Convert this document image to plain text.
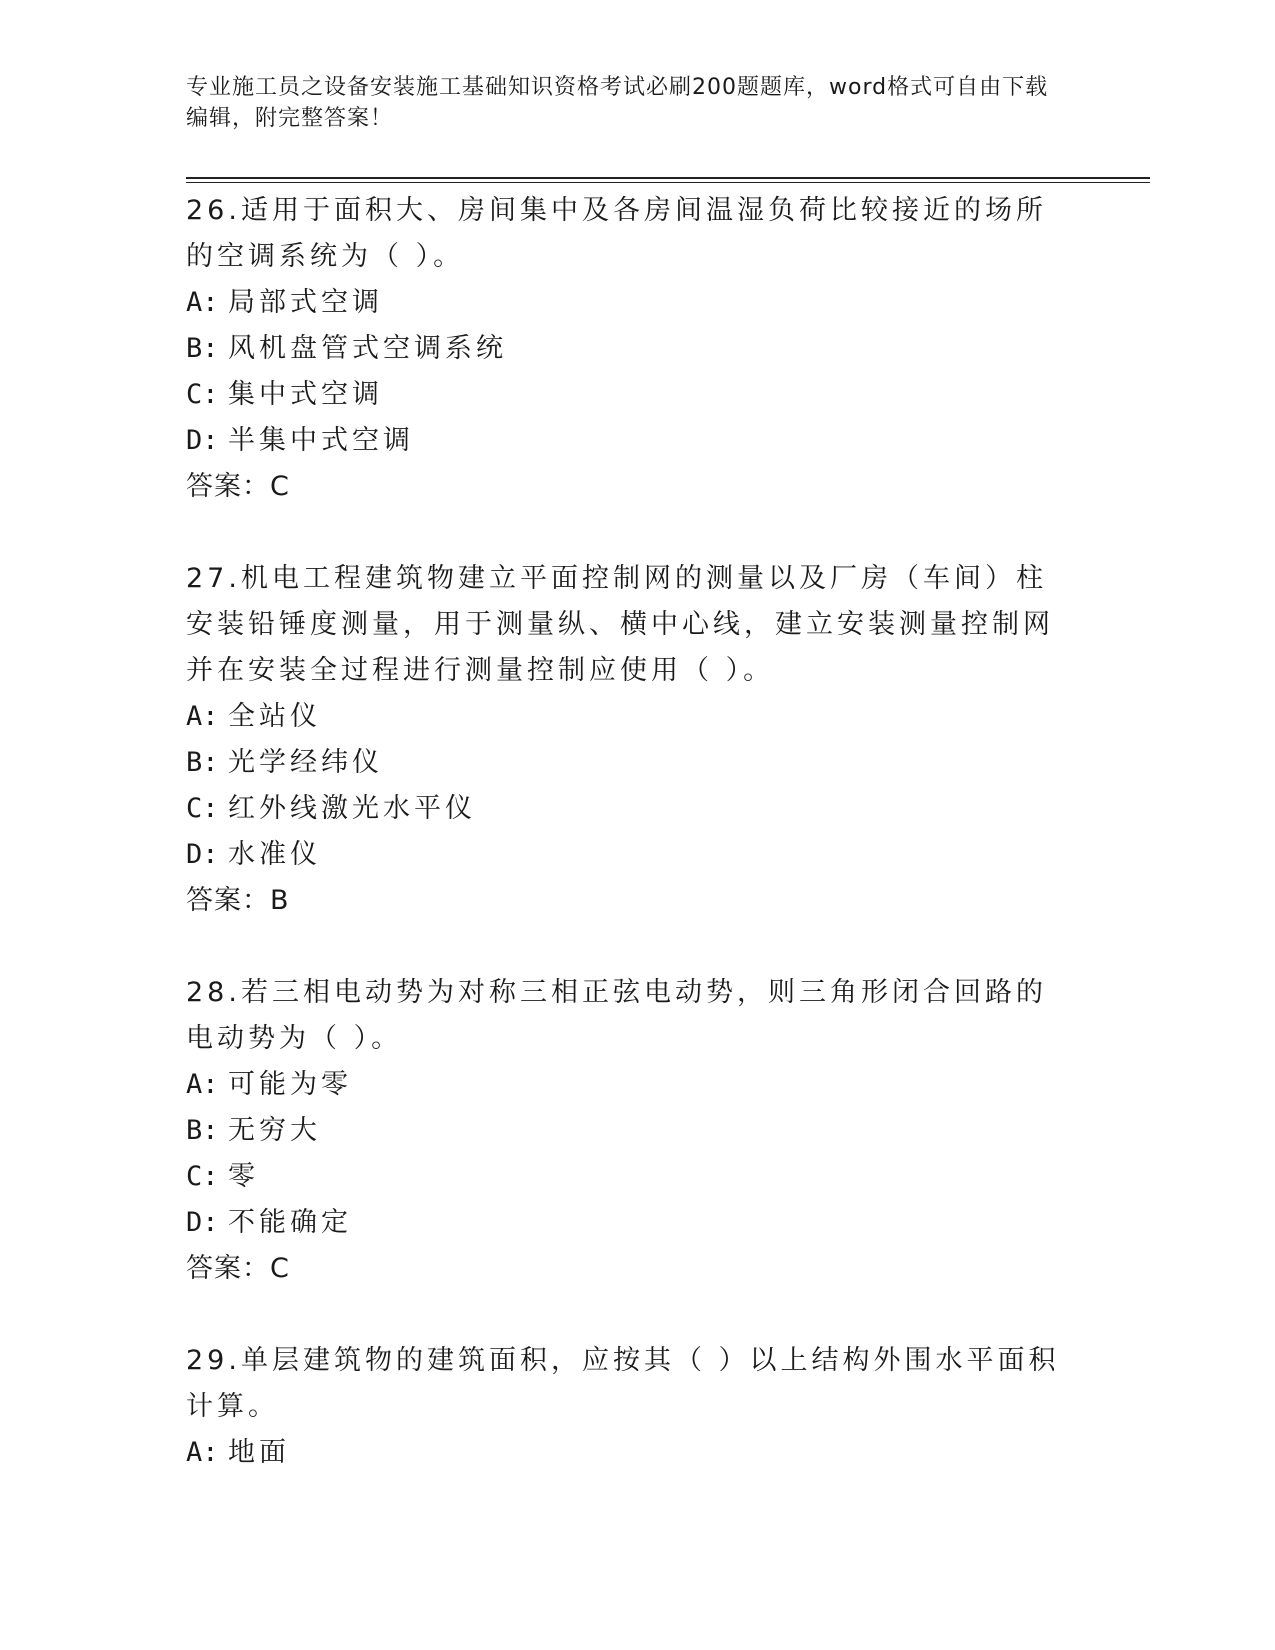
专业施工员之设备安装施工基础知识资格考试必刷200题题库，word格式可自由下载编辑，附完整答案！

26.适用于面积大、房间集中及各房间温湿负荷比较接近的场所的空调系统为（ ）。

A: 局部式空调

B: 风机盘管式空调系统

C: 集中式空调

D: 半集中式空调

答案：C

27.机电工程建筑物建立平面控制网的测量以及厂房（车间）柱安装铅锤度测量，用于测量纵、横中心线，建立安装测量控制网并在安装全过程进行测量控制应使用（ ）。

A: 全站仪

B: 光学经纬仪

C: 红外线激光水平仪

D: 水准仪

答案：B

28.若三相电动势为对称三相正弦电动势，则三角形闭合回路的电动势为（ ）。

A: 可能为零

B: 无穷大

C: 零

D: 不能确定

答案：C

29.单层建筑物的建筑面积，应按其（ ）以上结构外围水平面积计算。

A: 地面
